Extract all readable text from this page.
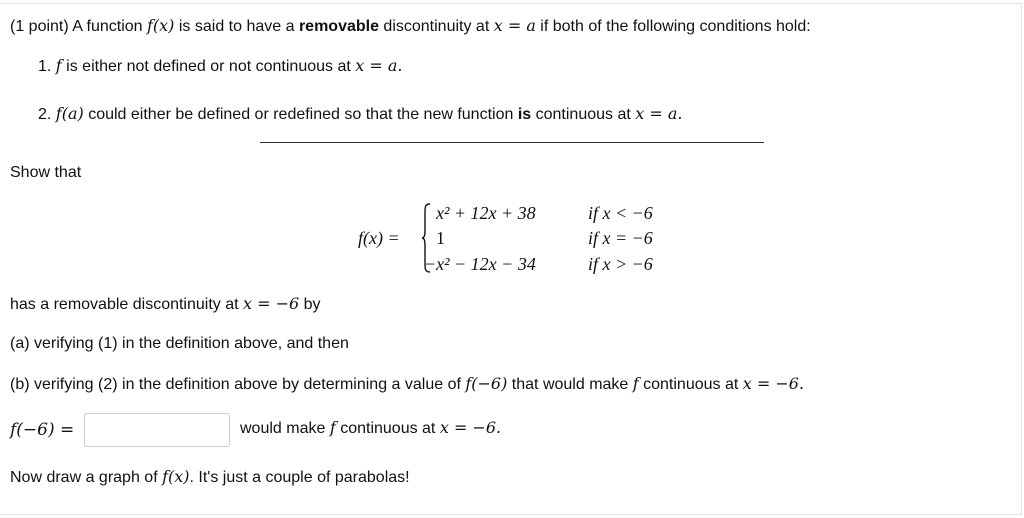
(1 point) A function f(x) is said to have a removable discontinuity at x = a if both of the following conditions hold:
1. f is either not defined or not continuous at x = a.
2. f(a) could either be defined or redefined so that the new function is continuous at x = a.
Show that
f(x) =
x² + 12x + 38	if x < −6
1	if x = −6
−x² − 12x − 34	if x > −6
has a removable discontinuity at x = −6 by
(a) verifying (1) in the definition above, and then
(b) verifying (2) in the definition above by determining a value of f(−6) that would make f continuous at x = −6.
f(−6) =	would make f continuous at x = −6.
Now draw a graph of f(x). It's just a couple of parabolas!
